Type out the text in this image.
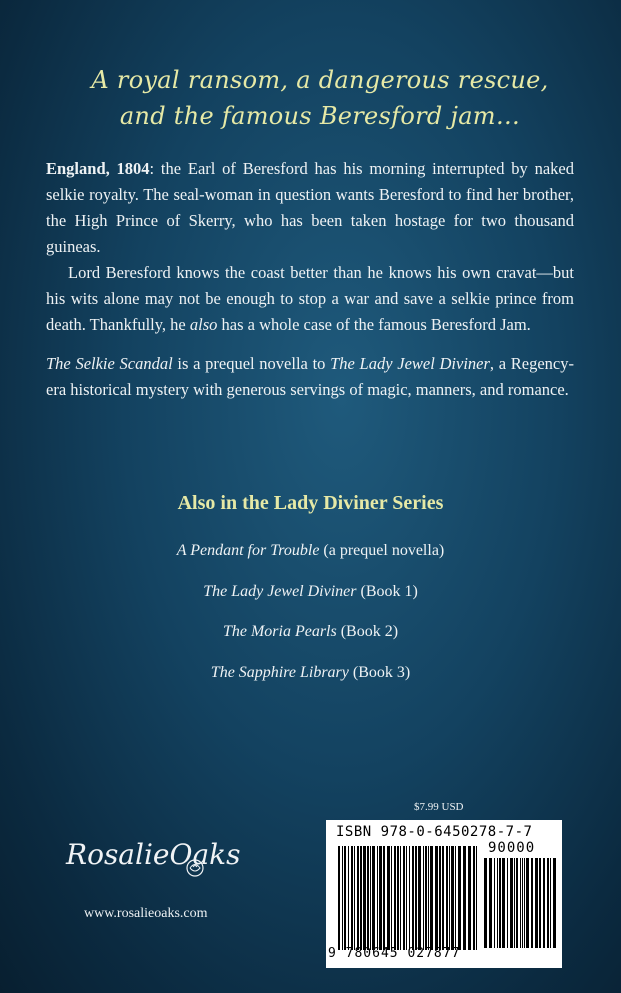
A royal ransom, a dangerous rescue,
and the famous Beresford jam…

England, 1804: the Earl of Beresford has his morning interrupted by naked selkie royalty. The seal-woman in question wants Beresford to find her brother, the High Prince of Skerry, who has been taken hostage for two thousand guineas.

Lord Beresford knows the coast better than he knows his own cravat—but his wits alone may not be enough to stop a war and save a selkie prince from death. Thankfully, he also has a whole case of the famous Beresford Jam.

The Selkie Scandal is a prequel novella to The Lady Jewel Diviner, a Regency-era historical mystery with generous servings of magic, manners, and romance.

Also in the Lady Diviner Series
A Pendant for Trouble (a prequel novella)
The Lady Jewel Diviner (Book 1)
The Moria Pearls (Book 2)
The Sapphire Library (Book 3)
$7.99 USD
ISBN 978-0-6450278-7-7
90000
9 780645 027877
RosalieOaks
www.rosalieoaks.com
